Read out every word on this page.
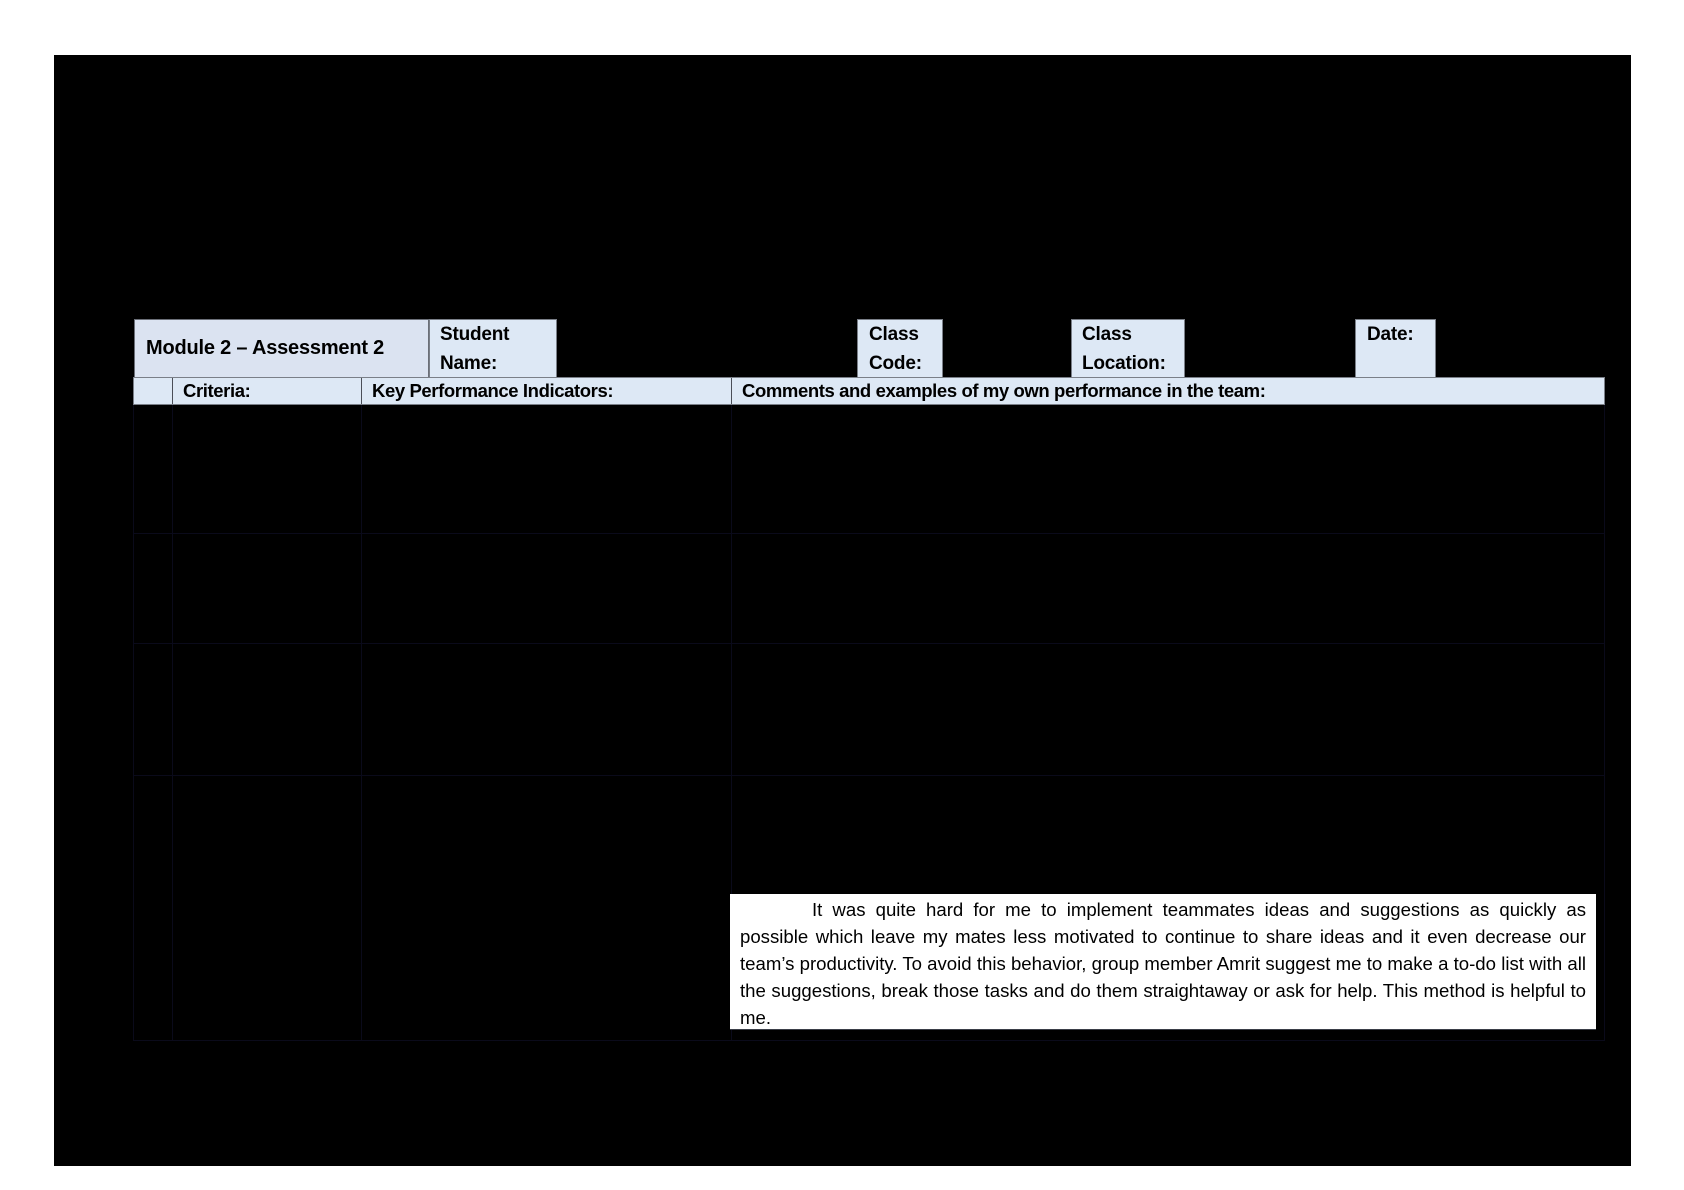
Module 2 – Assessment 2
Student
Name:
Class
Code:
Class
Location:
Date:
Criteria:	Key Performance Indicators:	Comments and examples of my own performance in the team:

It was quite hard for me to implement teammates ideas and suggestions as quickly as possible which leave my mates less motivated to continue to share ideas and it even decrease our team’s productivity. To avoid this behavior, group member Amrit suggest me to make a to-do list with all the suggestions, break those tasks and do them straightaway or ask for help. This method is helpful to me.
